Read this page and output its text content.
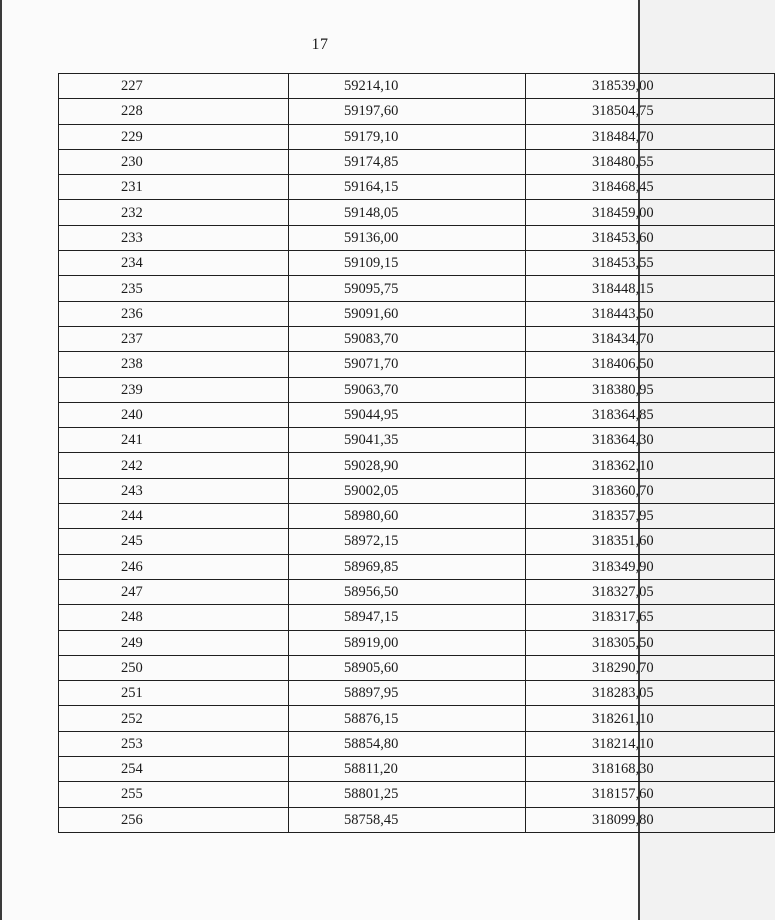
17
227	59214,10	318539,00
228	59197,60	318504,75
229	59179,10	318484,70
230	59174,85	318480,55
231	59164,15	318468,45
232	59148,05	318459,00
233	59136,00	318453,60
234	59109,15	318453,55
235	59095,75	318448,15
236	59091,60	318443,50
237	59083,70	318434,70
238	59071,70	318406,50
239	59063,70	318380,95
240	59044,95	318364,85
241	59041,35	318364,30
242	59028,90	318362,10
243	59002,05	318360,70
244	58980,60	318357,95
245	58972,15	318351,60
246	58969,85	318349,90
247	58956,50	318327,05
248	58947,15	318317,65
249	58919,00	318305,50
250	58905,60	318290,70
251	58897,95	318283,05
252	58876,15	318261,10
253	58854,80	318214,10
254	58811,20	318168,30
255	58801,25	318157,60
256	58758,45	318099,80
